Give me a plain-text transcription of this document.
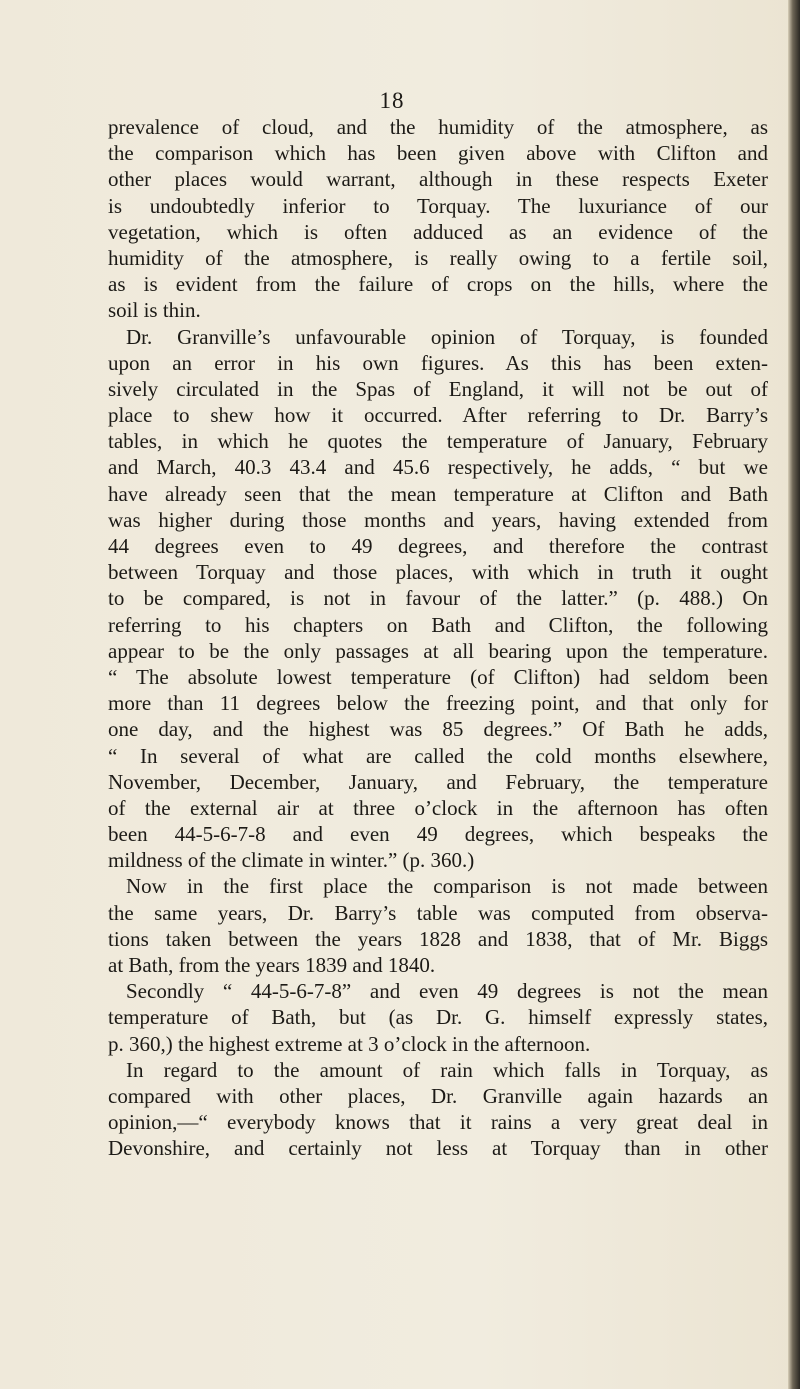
18
prevalence of cloud, and the humidity of the atmosphere, as
the comparison which has been given above with Clifton and
other places would warrant, although in these respects Exeter
is undoubtedly inferior to Torquay. The luxuriance of our
vegetation, which is often adduced as an evidence of the
humidity of the atmosphere, is really owing to a fertile soil,
as is evident from the failure of crops on the hills, where the
soil is thin.
Dr. Granville’s unfavourable opinion of Torquay, is founded
upon an error in his own figures. As this has been exten-
sively circulated in the Spas of England, it will not be out of
place to shew how it occurred. After referring to Dr. Barry’s
tables, in which he quotes the temperature of January, February
and March, 40.3 43.4 and 45.6 respectively, he adds, “ but we
have already seen that the mean temperature at Clifton and Bath
was higher during those months and years, having extended from
44 degrees even to 49 degrees, and therefore the contrast
between Torquay and those places, with which in truth it ought
to be compared, is not in favour of the latter.” (p. 488.) On
referring to his chapters on Bath and Clifton, the following
appear to be the only passages at all bearing upon the temperature.
“ The absolute lowest temperature (of Clifton) had seldom been
more than 11 degrees below the freezing point, and that only for
one day, and the highest was 85 degrees.” Of Bath he adds,
“ In several of what are called the cold months elsewhere,
November, December, January, and February, the temperature
of the external air at three o’clock in the afternoon has often
been 44-5-6-7-8 and even 49 degrees, which bespeaks the
mildness of the climate in winter.” (p. 360.)
Now in the first place the comparison is not made between
the same years, Dr. Barry’s table was computed from observa-
tions taken between the years 1828 and 1838, that of Mr. Biggs
at Bath, from the years 1839 and 1840.
Secondly “ 44-5-6-7-8” and even 49 degrees is not the mean
temperature of Bath, but (as Dr. G. himself expressly states,
p. 360,) the highest extreme at 3 o’clock in the afternoon.
In regard to the amount of rain which falls in Torquay, as
compared with other places, Dr. Granville again hazards an
opinion,—“ everybody knows that it rains a very great deal in
Devonshire, and certainly not less at Torquay than in other
